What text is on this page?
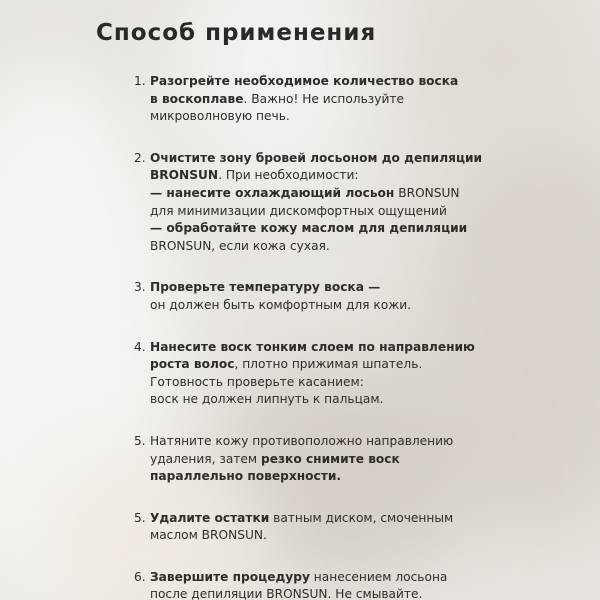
Способ применения
1. Разогрейте необходимое количество воска
в воскоплаве. Важно! Не используйте
микроволновую печь.
2. Очистите зону бровей лосьоном до депиляции
BRONSUN. При необходимости:
— нанесите охлаждающий лосьон BRONSUN
для минимизации дискомфортных ощущений
— обработайте кожу маслом для депиляции
BRONSUN, если кожа сухая.
3. Проверьте температуру воска —
он должен быть комфортным для кожи.
4. Нанесите воск тонким слоем по направлению
роста волос, плотно прижимая шпатель.
Готовность проверьте касанием:
воск не должен липнуть к пальцам.
5. Натяните кожу противоположно направлению
удаления, затем резко снимите воск
параллельно поверхности.
5. Удалите остатки ватным диском, смоченным
маслом BRONSUN.
6. Завершите процедуру нанесением лосьона
после депиляции BRONSUN. Не смывайте.
